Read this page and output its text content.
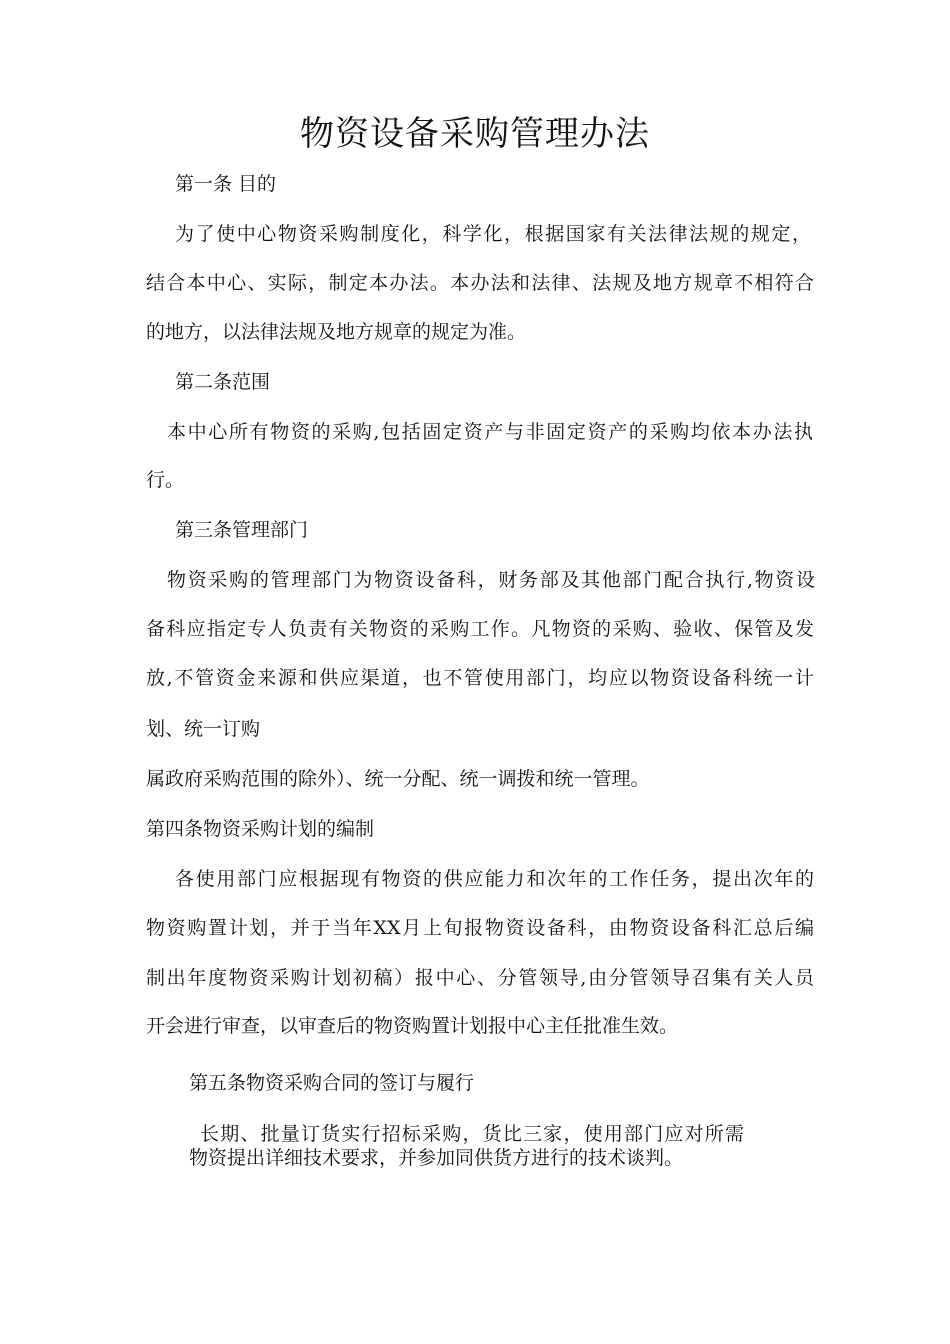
物资设备采购管理办法
第一条 目的
为了使中心物资采购制度化，科学化，根据国家有关法律法规的规定，
结合本中心、实际，制定本办法。本办法和法律、法规及地方规章不相符合
的地方，以法律法规及地方规章的规定为准。
第二条范围
本中心所有物资的采购,包括固定资产与非固定资产的采购均依本办法执
行。
第三条管理部门
物资采购的管理部门为物资设备科，财务部及其他部门配合执行,物资设
备科应指定专人负责有关物资的采购工作。凡物资的采购、验收、保管及发
放,不管资金来源和供应渠道，也不管使用部门，均应以物资设备科统一计
划、统一订购
属政府采购范围的除外）、统一分配、统一调拨和统一管理。
第四条物资采购计划的编制
各使用部门应根据现有物资的供应能力和次年的工作任务，提出次年的
物资购置计划，并于当年XX月上旬报物资设备科，由物资设备科汇总后编
制出年度物资采购计划初稿）报中心、分管领导,由分管领导召集有关人员
开会进行审查，以审查后的物资购置计划报中心主任批准生效。
第五条物资采购合同的签订与履行
长期、批量订货实行招标采购，货比三家，使用部门应对所需
物资提出详细技术要求，并参加同供货方进行的技术谈判。
